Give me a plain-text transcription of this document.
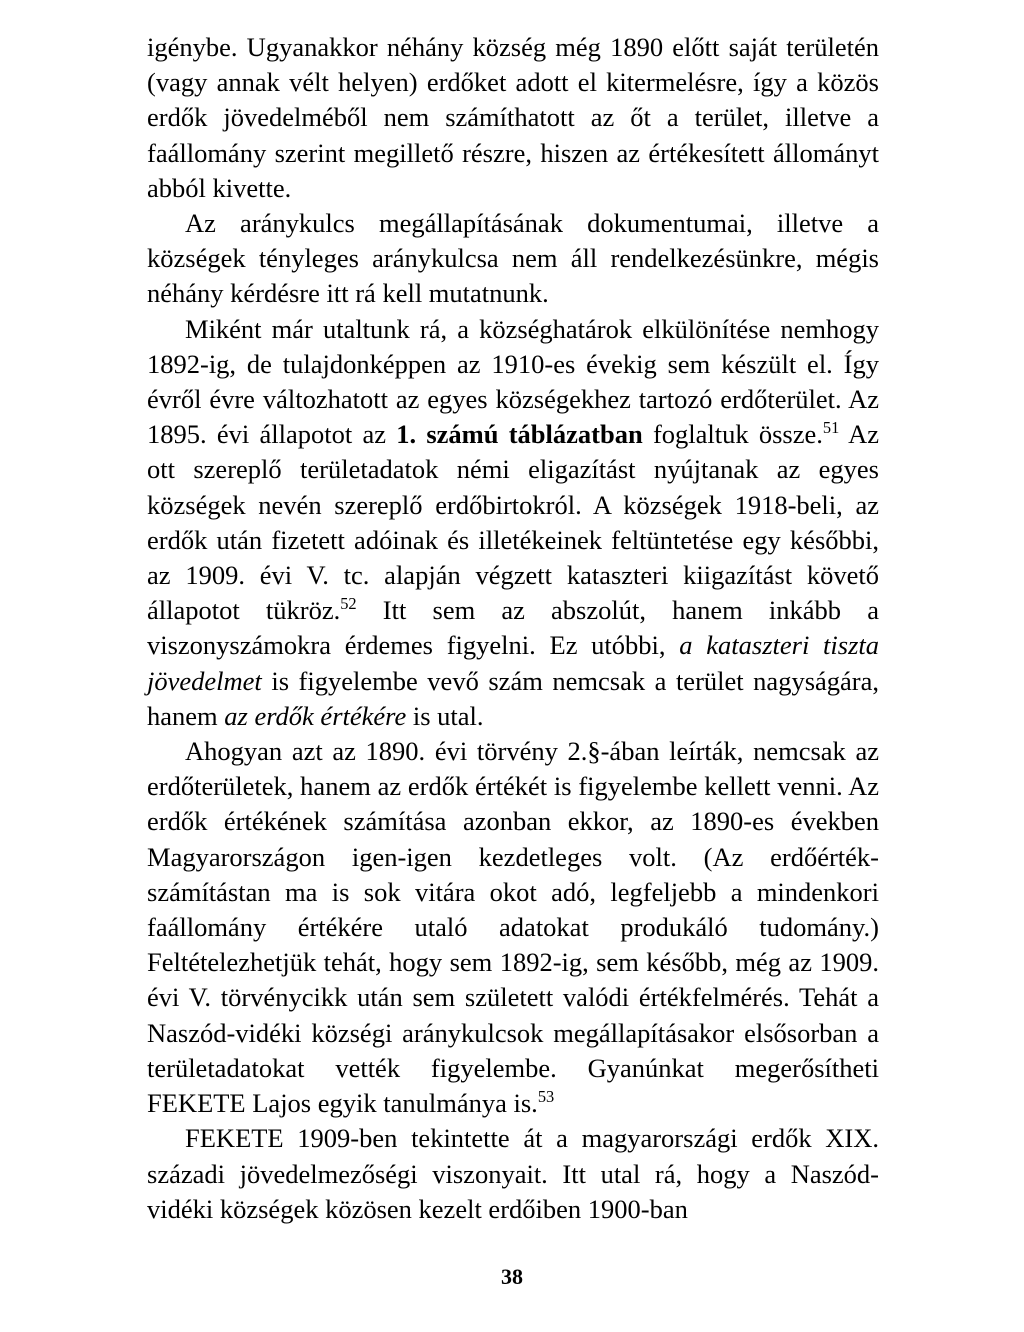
igénybe. Ugyanakkor néhány község még 1890 előtt saját területén (vagy annak vélt helyen) erdőket adott el kitermelésre, így a közös erdők jövedelméből nem számíthatott az őt a terület, illetve a faállomány szerint megillető részre, hiszen az értékesített állományt abból kivette.

Az aránykulcs megállapításának dokumentumai, illetve a községek tényleges aránykulcsa nem áll rendelkezésünkre, mégis néhány kérdésre itt rá kell mutatnunk.

Miként már utaltunk rá, a községhatárok elkülönítése nemhogy 1892-ig, de tulajdonképpen az 1910-es évekig sem készült el. Így évről évre változhatott az egyes községekhez tartozó erdőterület. Az 1895. évi állapotot az 1. számú táblázatban foglaltuk össze.$^{51}$ Az ott szereplő területadatok némi eligazítást nyújtanak az egyes községek nevén szereplő erdőbirtokról. A községek 1918-beli, az erdők után fizetett adóinak és illetékeinek feltüntetése egy későbbi, az 1909. évi V. tc. alapján végzett kataszteri kiigazítást követő állapotot tükröz.$^{52}$ Itt sem az abszolút, hanem inkább a viszonyszámokra érdemes figyelni. Ez utóbbi, a kataszteri tiszta jövedelmet is figyelembe vevő szám nemcsak a terület nagyságára, hanem az erdők értékére is utal.

Ahogyan azt az 1890. évi törvény 2.§-ában leírták, nemcsak az erdőterületek, hanem az erdők értékét is figyelembe kellett venni. Az erdők értékének számítása azonban ekkor, az 1890-es években Magyarországon igen-igen kezdetleges volt. (Az erdőérték-számítástan ma is sok vitára okot adó, legfeljebb a mindenkori faállomány értékére utaló adatokat produkáló tudomány.) Feltételezhetjük tehát, hogy sem 1892-ig, sem később, még az 1909. évi V. törvénycikk után sem született valódi értékfelmérés. Tehát a Naszód-vidéki községi aránykulcsok megállapításakor elsősorban a területadatokat vették figyelembe. Gyanúnkat megerősítheti FEKETE Lajos egyik tanulmánya is.$^{53}$

FEKETE 1909-ben tekintette át a magyarországi erdők XIX. századi jövedelmezőségi viszonyait. Itt utal rá, hogy a Naszód-vidéki községek közösen kezelt erdőiben 1900-ban

38
